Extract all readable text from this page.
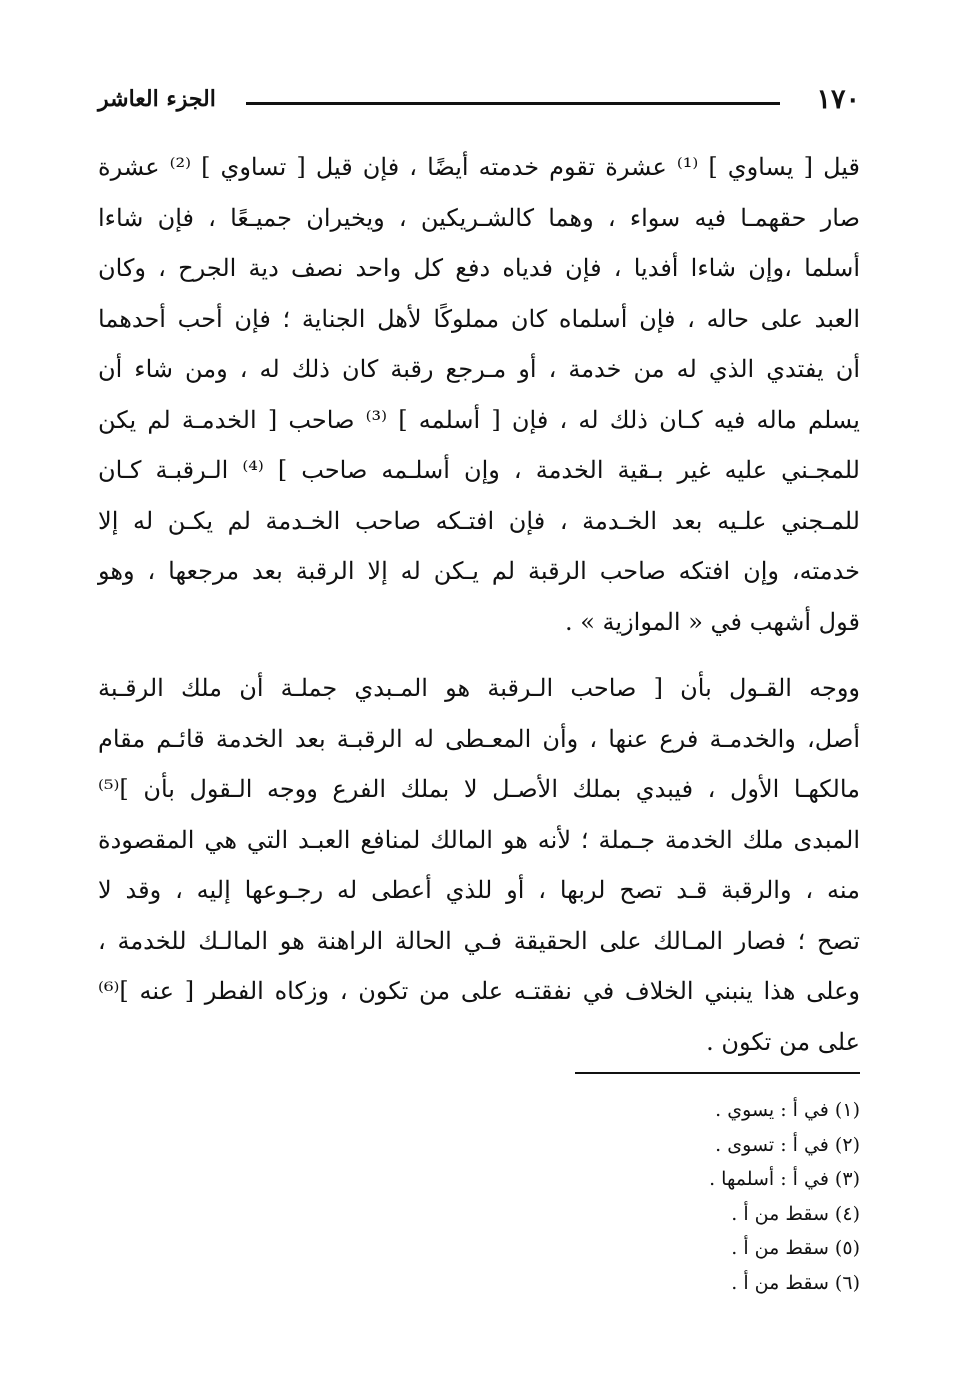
١٧٠
الجزء العاشر
قيل [ يساوي ] ⁽¹⁾ عشرة تقوم خدمته أيضًا ، فإن قيل [ تساوي ] ⁽²⁾ عشرة
صار حقهمـا فيه سواء ، وهما كالشـريكين ، ويخيران جميـعًا ، فإن شاءا
أسلما ،وإن شاءا أفديا ، فإن فدياه دفع كل واحد نصف دية الجرح ، وكان
العبد على حاله ، فإن أسلماه كان مملوكًا لأهل الجناية ؛ فإن أحب أحدهما
أن يفتدي الذي له من خدمة ، أو مـرجع رقبة كان ذلك له ، ومن شاء أن
يسلم ماله فيه كـان ذلك له ، فإن [ أسلمه ] ⁽³⁾ صاحب [ الخدمـة لم يكن
للمجـني عليه غير بـقية الخدمة ، وإن أسلـمه صاحب ] ⁽⁴⁾ الـرقبـة كـان
للمـجني علـيه بعد الخـدمة ، فإن افتـكه صاحب الخـدمة لم يكـن له إلا
خدمته، وإن افتكه صاحب الرقبة لم يـكن له إلا الرقبة بعد مرجعها ، وهو
قول أشهب في « الموازية » .
ووجه القـول بأن [ صاحب الـرقبة هو المـبدي جملـة أن ملك الرقـبة
أصل، والخدمـة فرع عنها ، وأن المعـطى له الرقبـة بعد الخدمة قائـم مقام
مالكهـا الأول ، فيبدي بملك الأصـل لا بملك الفرع ووجه الـقول بأن ]⁽⁵⁾
المبدى ملك الخدمة جـملة ؛ لأنه هو المالك لمنافع العبـد التي هي المقصودة
منه ، والرقبة قـد تصح لربها ، أو للذي أعطى له رجـوعها إليه ، وقد لا
تصح ؛ فصار المـالك على الحقيقة فـي الحالة الراهنة هو المالـك للخدمة ،
وعلى هذا ينبني الخلاف في نفقتـه على من تكون ، وزكاه الفطر [ عنه ]⁽⁶⁾
على من تكون .
(١) في أ : يسوي .
(٢) في أ : تسوى .
(٣) في أ : أسلمها .
(٤) سقط من أ .
(٥) سقط من أ .
(٦) سقط من أ .
